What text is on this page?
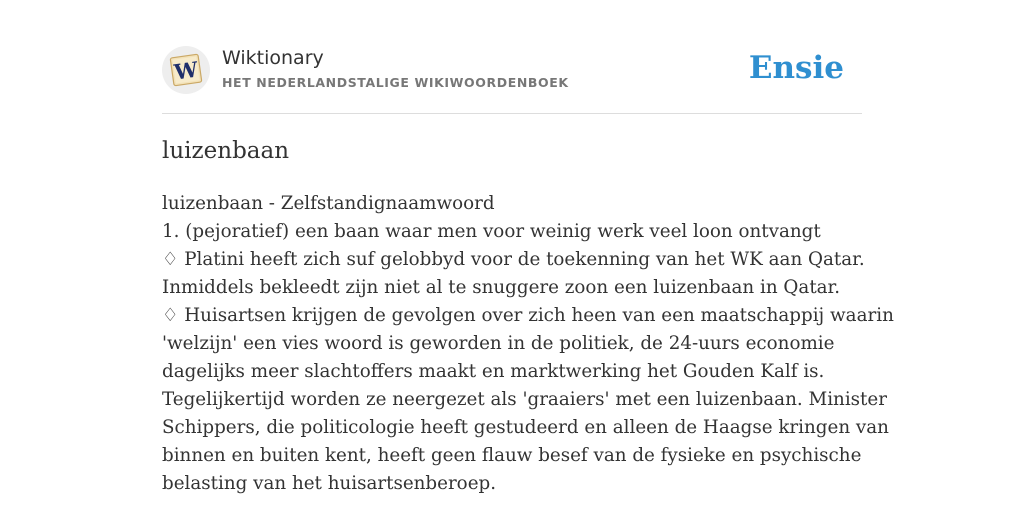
W Wiktionary
HET NEDERLANDSTALIGE WIKIWOORDENBOEK	Ensie
luizenbaan
luizenbaan - Zelfstandignaamwoord
1. (pejoratief) een baan waar men voor weinig werk veel loon ontvangt
♢ Platini heeft zich suf gelobbyd voor de toekenning van het WK aan Qatar.
Inmiddels bekleedt zijn niet al te snuggere zoon een luizenbaan in Qatar.
♢ Huisartsen krijgen de gevolgen over zich heen van een maatschappij waarin
'welzijn' een vies woord is geworden in de politiek, de 24-uurs economie
dagelijks meer slachtoffers maakt en marktwerking het Gouden Kalf is.
Tegelijkertijd worden ze neergezet als 'graaiers' met een luizenbaan. Minister
Schippers, die politicologie heeft gestudeerd en alleen de Haagse kringen van
binnen en buiten kent, heeft geen flauw besef van de fysieke en psychische
belasting van het huisartsenberoep.
